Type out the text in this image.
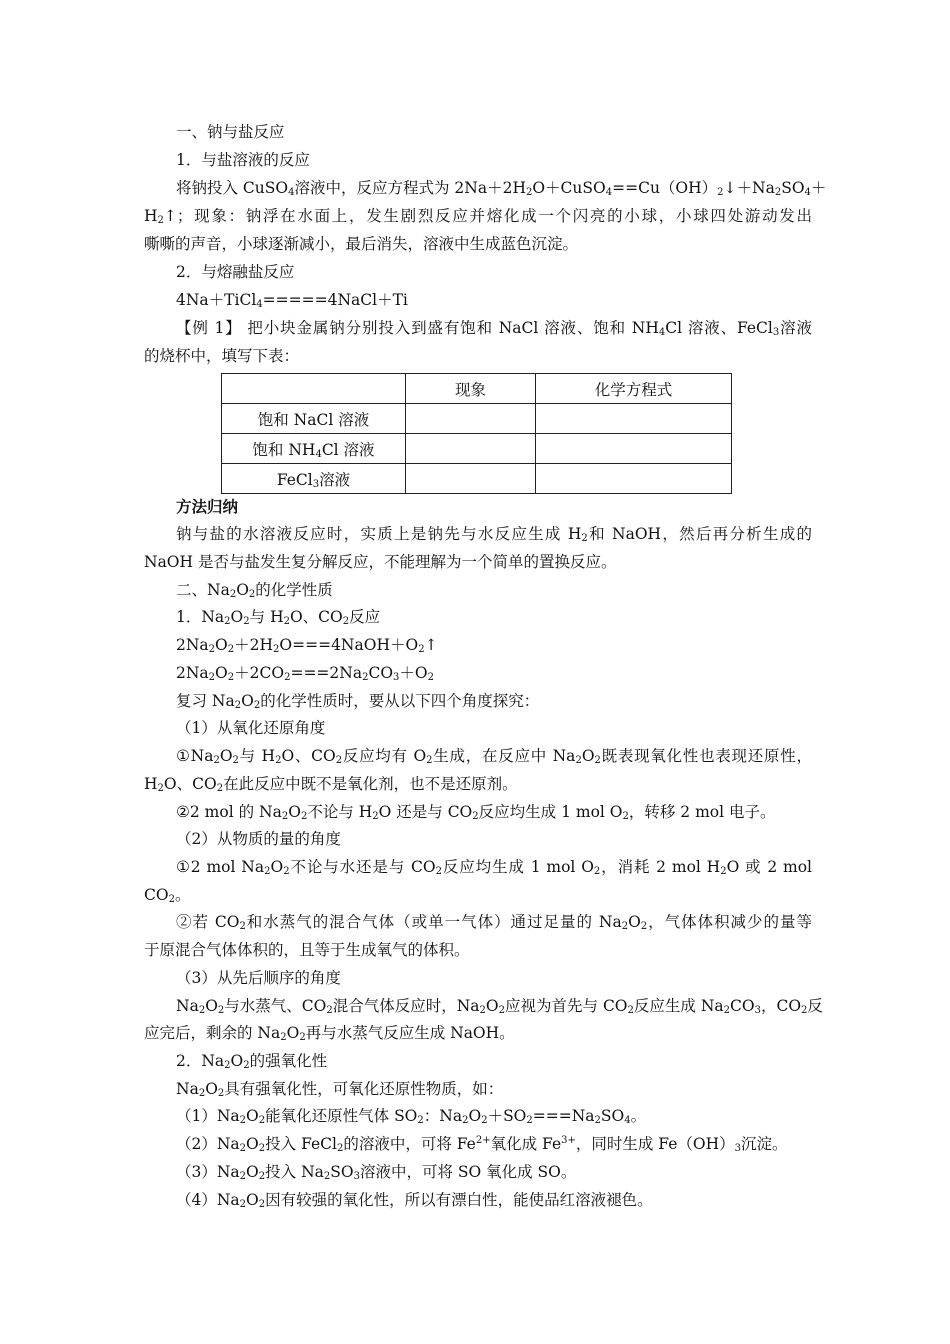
一、钠与盐反应
1．与盐溶液的反应
将钠投入 CuSO$_4$溶液中，反应方程式为 $2Na+2H_2O+CuSO_4==Cu(OH)_2↓+Na_2SO_4+$
$H_2↑$；现象：钠浮在水面上，发生剧烈反应并熔化成一个闪亮的小球，小球四处游动发出
嘶嘶的声音，小球逐渐减小，最后消失，溶液中生成蓝色沉淀。
2．与熔融盐反应
4Na＋TiCl$_4$=====4NaCl＋Ti
【例 1】 把小块金属钠分别投入到盛有饱和 NaCl 溶液、饱和 $NH_4Cl$ 溶液、FeCl$_3$溶液
的烧杯中，填写下表：
	现象	化学方程式
饱和 NaCl 溶液		
饱和 $NH_4Cl$ 溶液		
FeCl$_3$溶液		
方法归纳
钠与盐的水溶液反应时，实质上是钠先与水反应生成 $H_2$和 NaOH，然后再分析生成的
NaOH 是否与盐发生复分解反应，不能理解为一个简单的置换反应。
二、$Na_2O_2$的化学性质
1．$Na_2O_2$与 $H_2O$、$CO_2$反应
$2Na_2O_2+2H_2O===4NaOH+O_2↑$
$2Na_2O_2+2CO_2===2Na_2CO_3+O_2$
复习 $Na_2O_2$的化学性质时，要从以下四个角度探究：
（1）从氧化还原角度
$①Na_2O_2$与 $H_2O$、$CO_2$反应均有 $O_2$生成，在反应中 $Na_2O_2$既表现氧化性也表现还原性，
$H_2O$、$CO_2$在此反应中既不是氧化剂，也不是还原剂。
②2 mol 的 $Na_2O_2$不论与 $H_2O$ 还是与 $CO_2$反应均生成 1 mol $O_2$，转移 2 mol 电子。
（2）从物质的量的角度
①2 mol $Na_2O_2$不论与水还是与 $CO_2$反应均生成 1 mol $O_2$，消耗 2 mol $H_2O$ 或 2 mol
$CO_2$。
②若 $CO_2$和水蒸气的混合气体（或单一气体）通过足量的 $Na_2O_2$，气体体积减少的量等
于原混合气体体积的，且等于生成氧气的体积。
（3）从先后顺序的角度
$Na_2O_2$与水蒸气、$CO_2$混合气体反应时，$Na_2O_2$应视为首先与 $CO_2$反应生成 $Na_2CO_3$，$CO_2$反
应完后，剩余的 $Na_2O_2$再与水蒸气反应生成 NaOH。
2．$Na_2O_2$的强氧化性
$Na_2O_2$具有强氧化性，可氧化还原性物质，如：
$(1)Na_2O_2$能氧化还原性气体 $SO_2$：$Na_2O_2+SO_2===Na_2SO_4$。
$(2)Na_2O_2$投入 FeCl$_2$的溶液中，可将 $Fe^{2+}$氧化成 $Fe^{3+}$，同时生成 $Fe(OH)_3$沉淀。
$(3)Na_2O_2$投入 $Na_2SO_3$溶液中，可将 SO 氧化成 SO。
$(4)Na_2O_2$因有较强的氧化性，所以有漂白性，能使品红溶液褪色。
